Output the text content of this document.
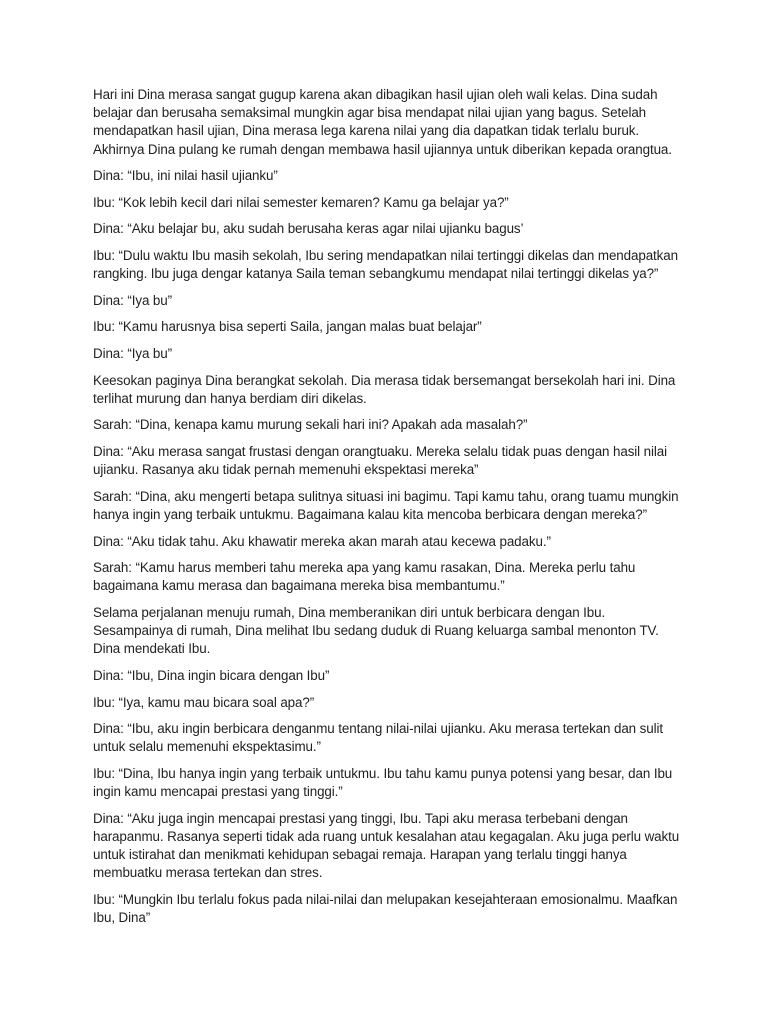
Hari ini Dina merasa sangat gugup karena akan dibagikan hasil ujian oleh wali kelas. Dina sudah belajar dan berusaha semaksimal mungkin agar bisa mendapat nilai ujian yang bagus. Setelah mendapatkan hasil ujian, Dina merasa lega karena nilai yang dia dapatkan tidak terlalu buruk. Akhirnya Dina pulang ke rumah dengan membawa hasil ujiannya untuk diberikan kepada orangtua.

Dina: “Ibu, ini nilai hasil ujianku”

Ibu: “Kok lebih kecil dari nilai semester kemaren? Kamu ga belajar ya?”

Dina: “Aku belajar bu, aku sudah berusaha keras agar nilai ujianku bagus’

Ibu: “Dulu waktu Ibu masih sekolah, Ibu sering mendapatkan nilai tertinggi dikelas dan mendapatkan rangking. Ibu juga dengar katanya Saila teman sebangkumu mendapat nilai tertinggi dikelas ya?”

Dina: “Iya bu”

Ibu: “Kamu harusnya bisa seperti Saila, jangan malas buat belajar”

Dina: “Iya bu”

Keesokan paginya Dina berangkat sekolah. Dia merasa tidak bersemangat bersekolah hari ini. Dina terlihat murung dan hanya berdiam diri dikelas.

Sarah: “Dina, kenapa kamu murung sekali hari ini? Apakah ada masalah?”

Dina: “Aku merasa sangat frustasi dengan orangtuaku. Mereka selalu tidak puas dengan hasil nilai ujianku. Rasanya aku tidak pernah memenuhi ekspektasi mereka”

Sarah: “Dina, aku mengerti betapa sulitnya situasi ini bagimu. Tapi kamu tahu, orang tuamu mungkin hanya ingin yang terbaik untukmu. Bagaimana kalau kita mencoba berbicara dengan mereka?”

Dina: “Aku tidak tahu. Aku khawatir mereka akan marah atau kecewa padaku.”

Sarah: “Kamu harus memberi tahu mereka apa yang kamu rasakan, Dina. Mereka perlu tahu bagaimana kamu merasa dan bagaimana mereka bisa membantumu.”

Selama perjalanan menuju rumah, Dina memberanikan diri untuk berbicara dengan Ibu. Sesampainya di rumah, Dina melihat Ibu sedang duduk di Ruang keluarga sambal menonton TV. Dina mendekati Ibu.

Dina: “Ibu, Dina ingin bicara dengan Ibu”

Ibu: “Iya, kamu mau bicara soal apa?”

Dina: “Ibu, aku ingin berbicara denganmu tentang nilai-nilai ujianku. Aku merasa tertekan dan sulit untuk selalu memenuhi ekspektasimu.”

Ibu: “Dina, Ibu hanya ingin yang terbaik untukmu. Ibu tahu kamu punya potensi yang besar, dan Ibu ingin kamu mencapai prestasi yang tinggi.”

Dina: “Aku juga ingin mencapai prestasi yang tinggi, Ibu. Tapi aku merasa terbebani dengan harapanmu. Rasanya seperti tidak ada ruang untuk kesalahan atau kegagalan. Aku juga perlu waktu untuk istirahat dan menikmati kehidupan sebagai remaja. Harapan yang terlalu tinggi hanya membuatku merasa tertekan dan stres.

Ibu: “Mungkin Ibu terlalu fokus pada nilai-nilai dan melupakan kesejahteraan emosionalmu. Maafkan Ibu, Dina”
